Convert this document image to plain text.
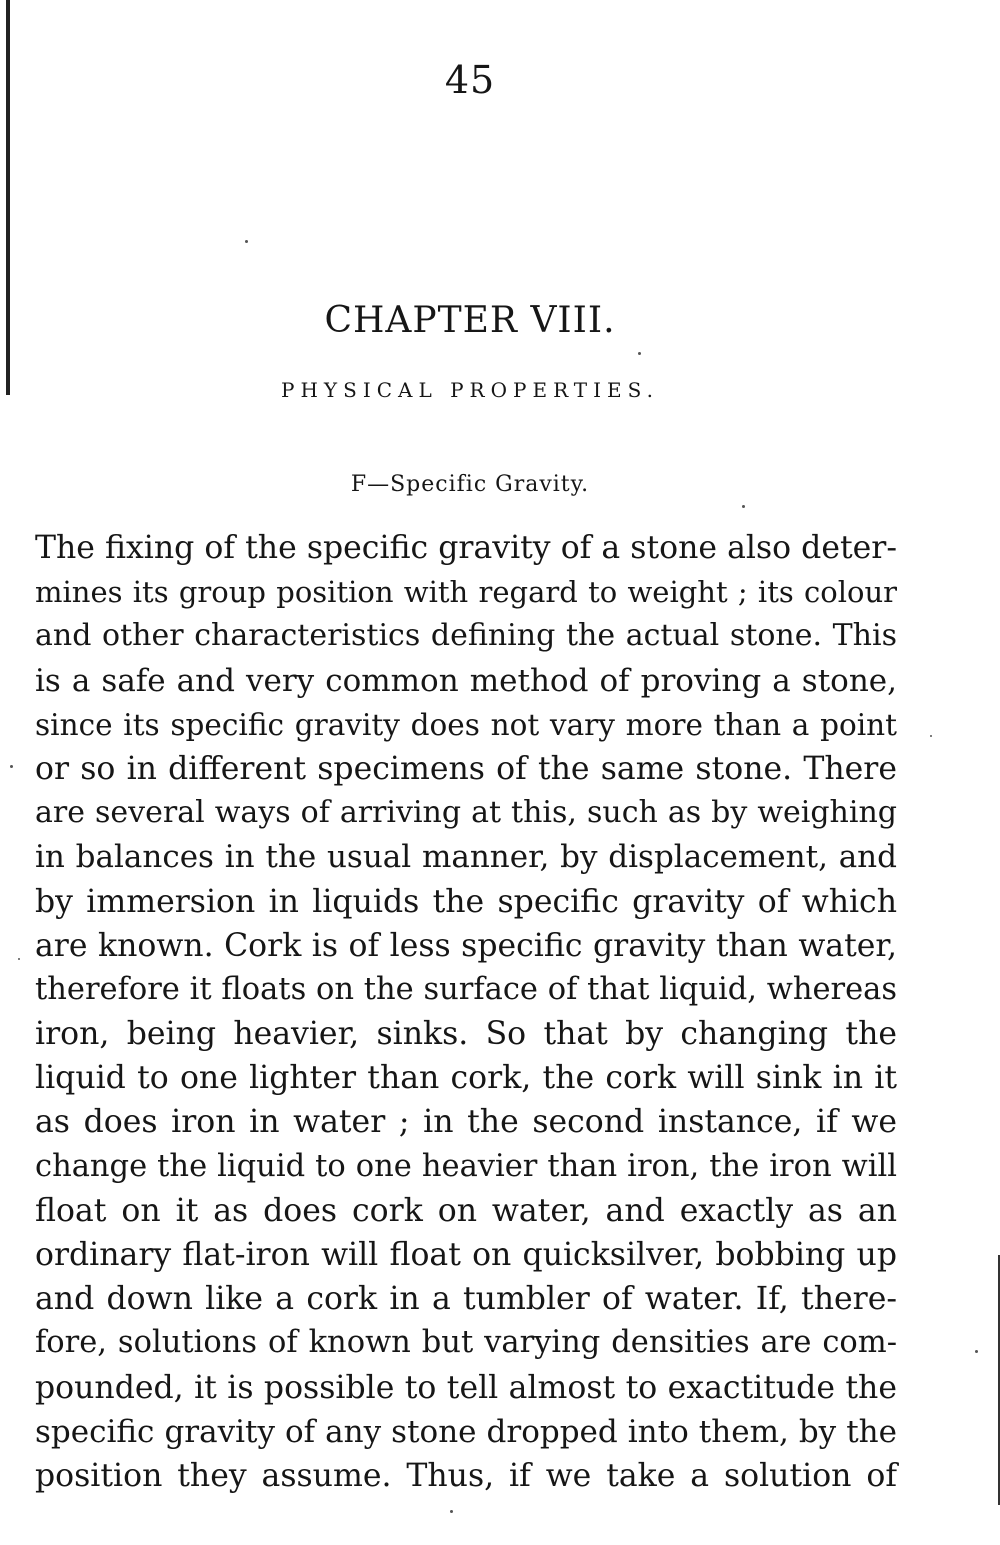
45
CHAPTER VIII.
PHYSICAL PROPERTIES.
F—Specific Gravity.
The fixing of the specific gravity of a stone also deter-
mines its group position with regard to weight ; its colour
and other characteristics defining the actual stone. This
is a safe and very common method of proving a stone,
since its specific gravity does not vary more than a point
or so in different specimens of the same stone. There
are several ways of arriving at this, such as by weighing
in balances in the usual manner, by displacement, and
by immersion in liquids the specific gravity of which
are known. Cork is of less specific gravity than water,
therefore it floats on the surface of that liquid, whereas
iron, being heavier, sinks. So that by changing the
liquid to one lighter than cork, the cork will sink in it
as does iron in water ; in the second instance, if we
change the liquid to one heavier than iron, the iron will
float on it as does cork on water, and exactly as an
ordinary flat-iron will float on quicksilver, bobbing up
and down like a cork in a tumbler of water. If, there-
fore, solutions of known but varying densities are com-
pounded, it is possible to tell almost to exactitude the
specific gravity of any stone dropped into them, by the
position they assume. Thus, if we take a solution of
